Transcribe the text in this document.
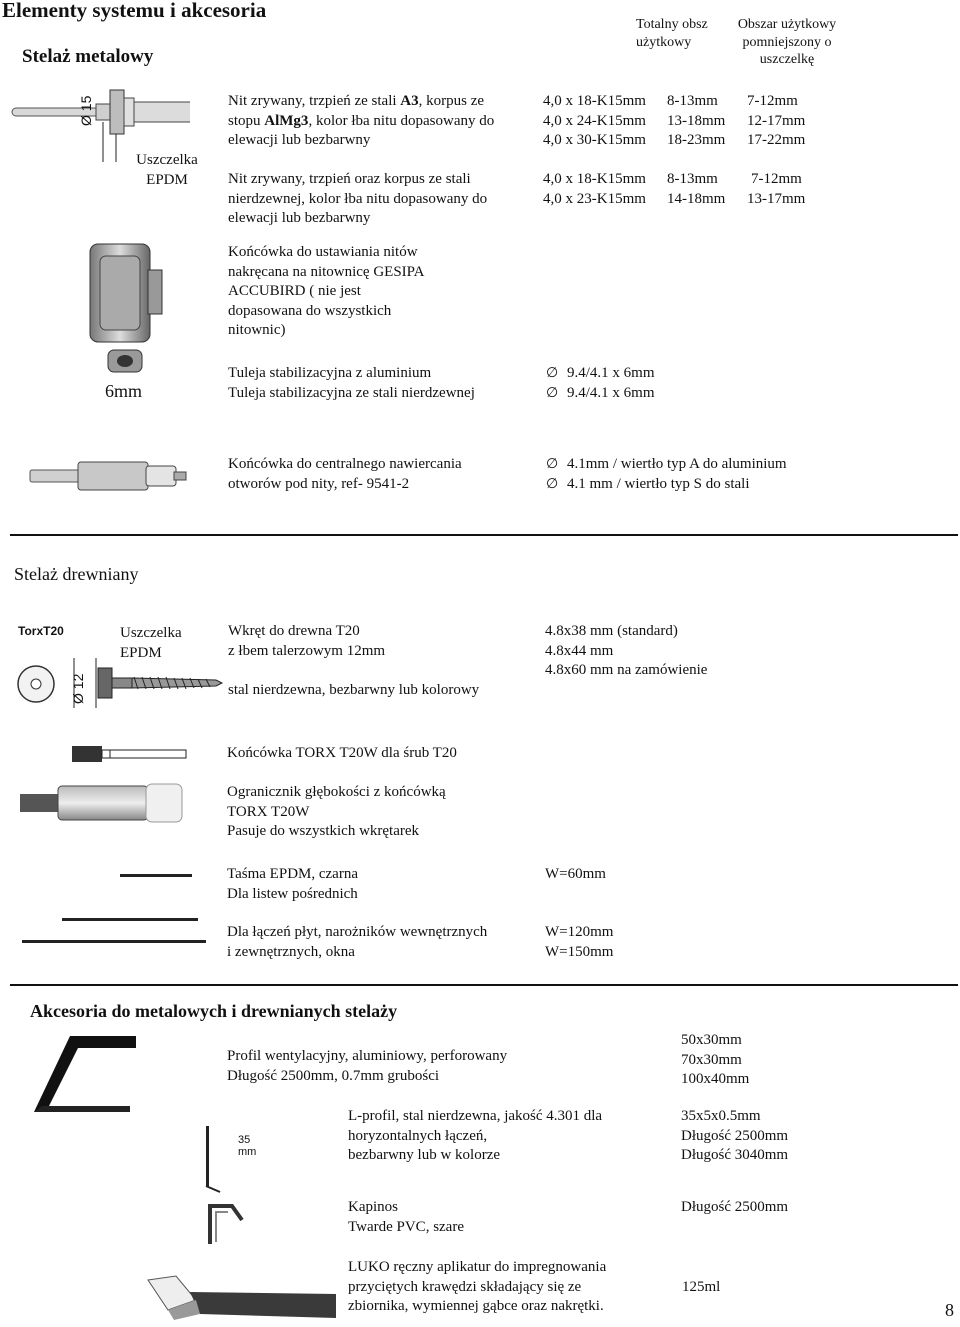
Elementy systemu i akcesoria
Stelaż metalowy
Totalny obsz
użytkowy
Obszar użytkowy
pomniejszony o
uszczelkę
Ø 15
Uszczelka
EPDM
Nit zrywany, trzpień ze stali A3, korpus ze
stopu AlMg3, kolor łba nitu dopasowany do
elewacji lub bezbarwny
4,0 x 18-K15mm 8-13mm 7-12mm
4,0 x 24-K15mm 13-18mm 12-17mm
4,0 x 30-K15mm 18-23mm 17-22mm
Nit zrywany, trzpień oraz korpus ze stali
nierdzewnej, kolor łba nitu dopasowany do
elewacji lub bezbarwny
4,0 x 18-K15mm 8-13mm 7-12mm
4,0 x 23-K15mm 14-18mm 13-17mm
Końcówka do ustawiania nitów
nakręcana na nitownicę GESIPA
ACCUBIRD ( nie jest
dopasowana do wszystkich
nitownic)
6mm
Tuleja stabilizacyjna z aluminium
Tuleja stabilizacyjna ze stali nierdzewnej
∅ 9.4/4.1 x 6mm
∅ 9.4/4.1 x 6mm
Końcówka do centralnego nawiercania
otworów pod nity, ref- 9541-2
∅ 4.1mm / wiertło typ A do aluminium
∅ 4.1 mm / wiertło typ S do stali
Stelaż drewniany
TorxT20
Ø 12
Uszczelka
EPDM
Wkręt do drewna T20
z łbem talerzowym 12mm
stal nierdzewna, bezbarwny lub kolorowy
4.8x38 mm (standard)
4.8x44 mm
4.8x60 mm na zamówienie
Końcówka TORX T20W dla śrub T20
Ogranicznik głębokości z końcówką
TORX T20W
Pasuje do wszystkich wkrętarek
Taśma EPDM, czarna
Dla listew pośrednich
W=60mm
Dla łączeń płyt, narożników wewnętrznych
i zewnętrznych, okna
W=120mm
W=150mm
Akcesoria do metalowych i drewnianych stelaży
Profil wentylacyjny, aluminiowy, perforowany
Długość 2500mm, 0.7mm grubości
50x30mm
70x30mm
100x40mm
35 mm
L-profil, stal nierdzewna, jakość 4.301 dla
horyzontalnych łączeń,
bezbarwny lub w kolorze
35x5x0.5mm
Długość 2500mm
Długość 3040mm
Kapinos
Twarde PVC, szare
Długość 2500mm
LUKO ręczny aplikatur do impregnowania
przyciętych krawędzi składający się ze
zbiornika, wymiennej gąbce oraz nakrętki.
125ml
8
